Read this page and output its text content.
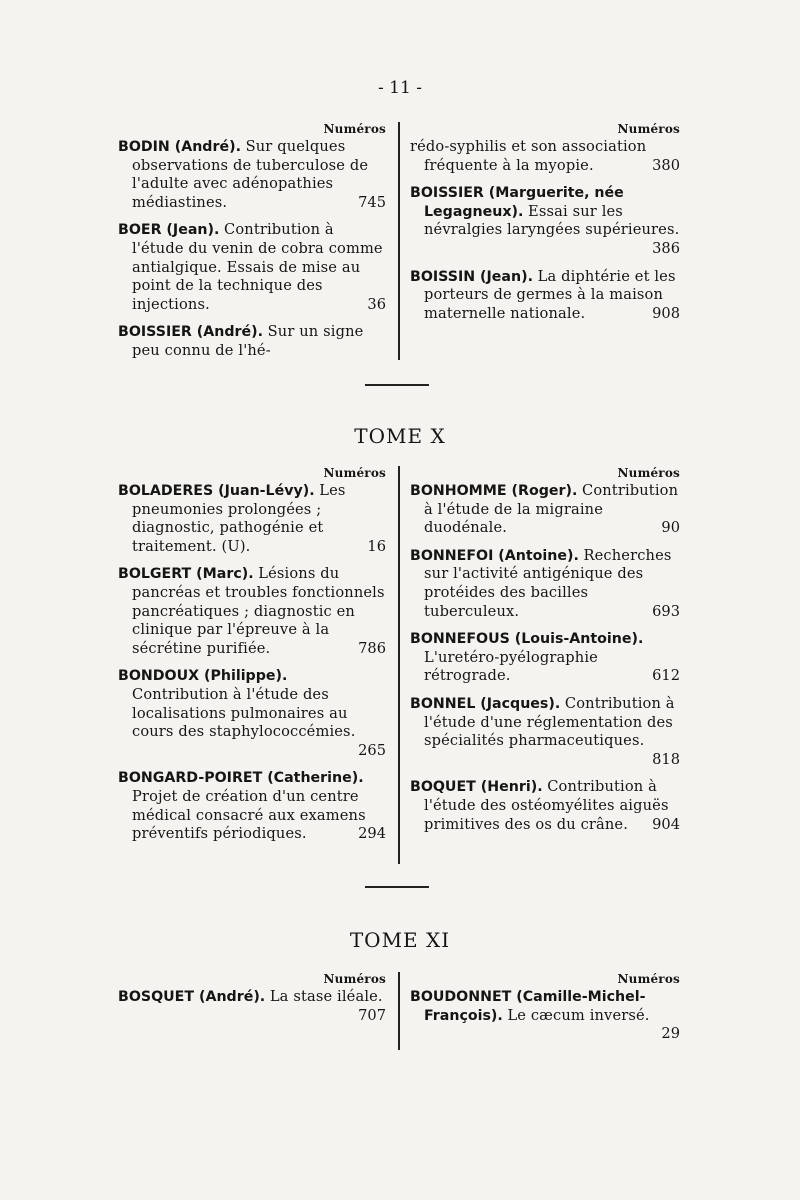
- 11 -
Numéros
BODIN (André). Sur quelques observations de tuberculose de l'adulte avec adénopathies médiastines.	745
BOER (Jean). Contribution à l'étude du venin de cobra comme antialgique. Essais de mise au point de la technique des injections.	36
BOISSIER (André). Sur un signe peu connu de l'hé-
Numéros
rédo-syphilis et son association fréquente à la myopie.	380
BOISSIER (Marguerite, née Legagneux). Essai sur les névralgies laryngées supérieures.
386
BOISSIN (Jean). La diphtérie et les porteurs de germes à la maison maternelle nationale.	908
TOME X
Numéros
BOLADERES (Juan-Lévy). Les pneumonies prolongées ; diagnostic, pathogénie et traitement. (U).	16
BOLGERT (Marc). Lésions du pancréas et troubles fonctionnels pancréatiques ; diagnostic en clinique par l'épreuve à la sécrétine purifiée.	786
BONDOUX (Philippe). Contribution à l'étude des localisations pulmonaires au cours des staphylococcémies.
265
BONGARD-POIRET (Catherine). Projet de création d'un centre médical consacré aux examens préventifs périodiques.	294
Numéros
BONHOMME (Roger). Contribution à l'étude de la migraine duodénale.	90
BONNEFOI (Antoine). Recherches sur l'activité antigénique des protéides des bacilles tuberculeux.	693
BONNEFOUS (Louis-Antoine). L'uretéro-pyélographie rétrograde.	612
BONNEL (Jacques). Contribution à l'étude d'une réglementation des spécialités pharmaceutiques.
818
BOQUET (Henri). Contribution à l'étude des ostéomyélites aiguës primitives des os du crâne. 904
TOME XI
Numéros
BOSQUET (André). La stase iléale.
707
Numéros
BOUDONNET (Camille-Michel-François). Le cæcum inversé.
29
